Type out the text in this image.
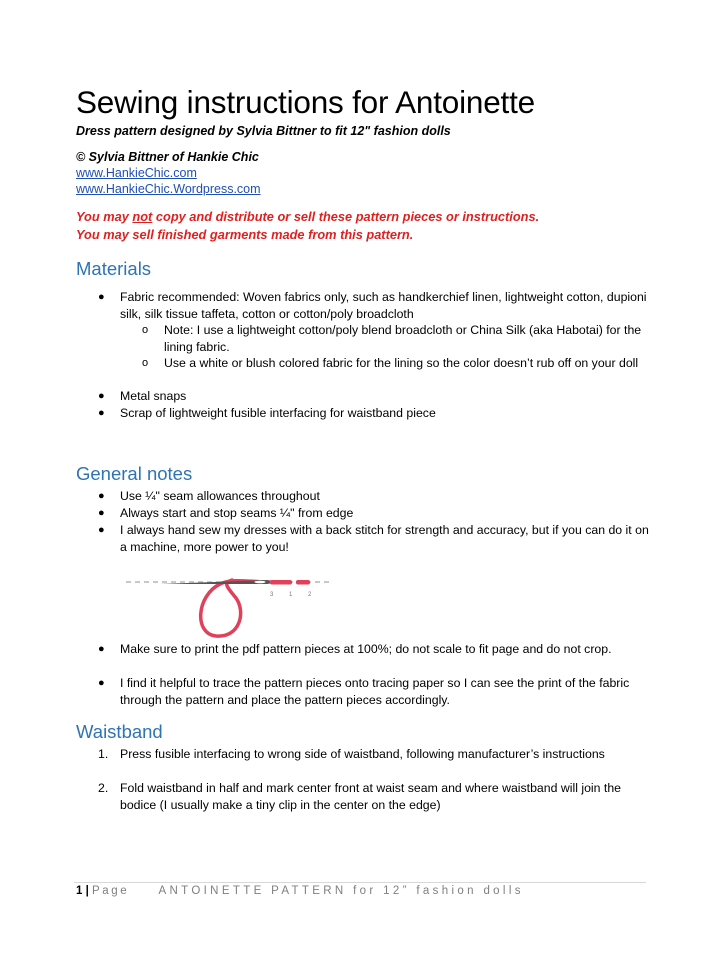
Sewing instructions for Antoinette
Dress pattern designed by Sylvia Bittner to fit 12" fashion dolls
© Sylvia Bittner of Hankie Chic
www.HankieChic.com
www.HankieChic.Wordpress.com
You may not copy and distribute or sell these pattern pieces or instructions.
You may sell finished garments made from this pattern.
Materials
● Fabric recommended: Woven fabrics only, such as handkerchief linen, lightweight cotton, dupioni silk, silk tissue taffeta, cotton or cotton/poly broadcloth
o Note: I use a lightweight cotton/poly blend broadcloth or China Silk (aka Habotai) for the lining fabric.
o Use a white or blush colored fabric for the lining so the color doesn’t rub off on your doll
● Metal snaps
● Scrap of lightweight fusible interfacing for waistband piece
General notes
● Use ¼" seam allowances throughout
● Always start and stop seams ¼" from edge
● I always hand sew my dresses with a back stitch for strength and accuracy, but if you can do it on a machine, more power to you!
● Make sure to print the pdf pattern pieces at 100%; do not scale to fit page and do not crop.
● I find it helpful to trace the pattern pieces onto tracing paper so I can see the print of the fabric through the pattern and place the pattern pieces accordingly.
3	1	2
Waistband
1. Press fusible interfacing to wrong side of waistband, following manufacturer’s instructions
2. Fold waistband in half and mark center front at waist seam and where waistband will join the bodice (I usually make a tiny clip in the center on the edge)
1 | Page	ANTOINETTE PATTERN for 12” fashion dolls
